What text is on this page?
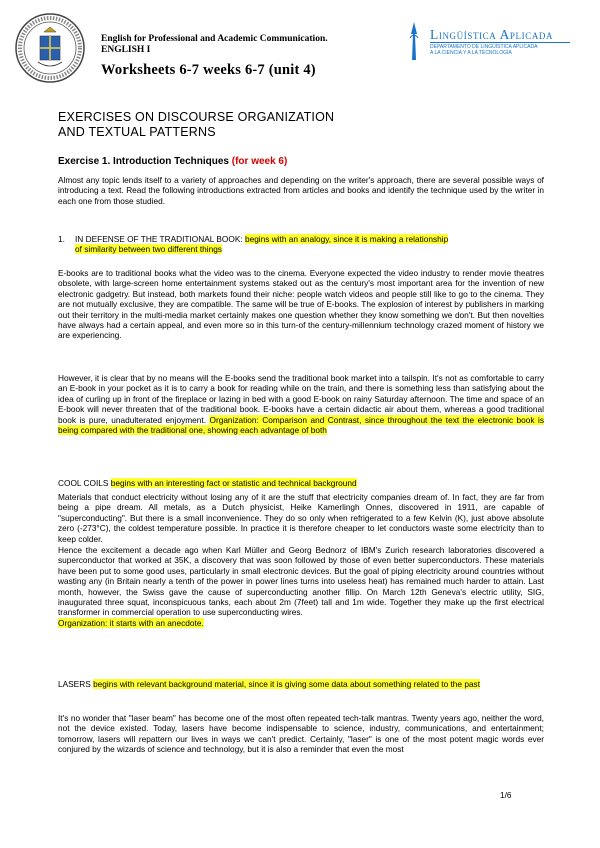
English for Professional and Academic Communication.
ENGLISH I
Worksheets 6-7 weeks 6-7 (unit 4)
Lingüística Aplicada
DEPARTAMENTO DE LINGÜÍSTICA APLICADA
A LA CIENCIA Y A LA TECNOLOGÍA
EXERCISES ON DISCOURSE ORGANIZATION
AND TEXTUAL PATTERNS
Exercise 1. Introduction Techniques (for week 6)
Almost any topic lends itself to a variety of approaches and depending on the writer's approach, there are several possible ways of introducing a text. Read the following introductions extracted from articles and books and identify the technique used by the writer in each one from those studied.
1. IN DEFENSE OF THE TRADITIONAL BOOK: begins with an analogy, since it is making a relationship
of similarity between two different things
E-books are to traditional books what the video was to the cinema. Everyone expected the video industry to render movie theatres obsolete, with large-screen home entertainment systems staked out as the century's most important area for the invention of new electronic gadgetry. But instead, both markets found their niche: people watch videos and people still like to go to the cinema. They are not mutually exclusive, they are compatible. The same will be true of E-books. The explosion of interest by publishers in marking out their territory in the multi-media market certainly makes one question whether they know something we don't. But then novelties have always had a certain appeal, and even more so in this turn-of the century-millennium technology crazed moment of history we are experiencing.
However, it is clear that by no means will the E-books send the traditional book market into a tailspin. It's not as comfortable to carry an E-book in your pocket as it is to carry a book for reading while on the train, and there is something less than satisfying about the idea of curling up in front of the fireplace or lazing in bed with a good E-book on rainy Saturday afternoon. The time and space of an E-book will never threaten that of the traditional book. E-books have a certain didactic air about them, whereas a good traditional book is pure, unadulterated enjoyment. Organization: Comparison and Contrast, since throughout the text the electronic book is being compared with the traditional one, showing each advantage of both
COOL COILS begins with an interesting fact or statistic and technical background
Materials that conduct electricity without losing any of it are the stuff that electricity companies dream of. In fact, they are far from being a pipe dream. All metals, as a Dutch physicist, Heike Kamerlingh Onnes, discovered in 1911, are capable of "superconducting". But there is a small inconvenience. They do so only when refrigerated to a few Kelvin (K), just above absolute zero (-273°C), the coldest temperature possible. In practice it is therefore cheaper to let conductors waste some electricity than to keep colder.
Hence the excitement a decade ago when Karl Müller and Georg Bednorz of IBM's Zurich research laboratories discovered a superconductor that worked at 35K, a discovery that was soon followed by those of even better superconductors. These materials have been put to some good uses, particularly in small electronic devices. But the goal of piping electricity around countries without wasting any (in Britain nearly a tenth of the power in power lines turns into useless heat) has remained much harder to attain. Last month, however, the Swiss gave the cause of superconducting another fillip. On March 12th Geneva's electric utility, SIG, inaugurated three squat, inconspicuous tanks, each about 2m (7feet) tall and 1m wide. Together they make up the first electrical transformer in commercial operation to use superconducting wires.
Organization: it starts with an anecdote.
LASERS begins with relevant background material, since it is giving some data about something related to the past
It's no wonder that "laser beam" has become one of the most often repeated tech-talk mantras. Twenty years ago, neither the word, not the device existed. Today, lasers have become indispensable to science, industry, communications, and entertainment; tomorrow, lasers will repattern our lives in ways we can't predict. Certainly, "laser" is one of the most potent magic words ever conjured by the wizards of science and technology, but it is also a reminder that even the most
1/6
